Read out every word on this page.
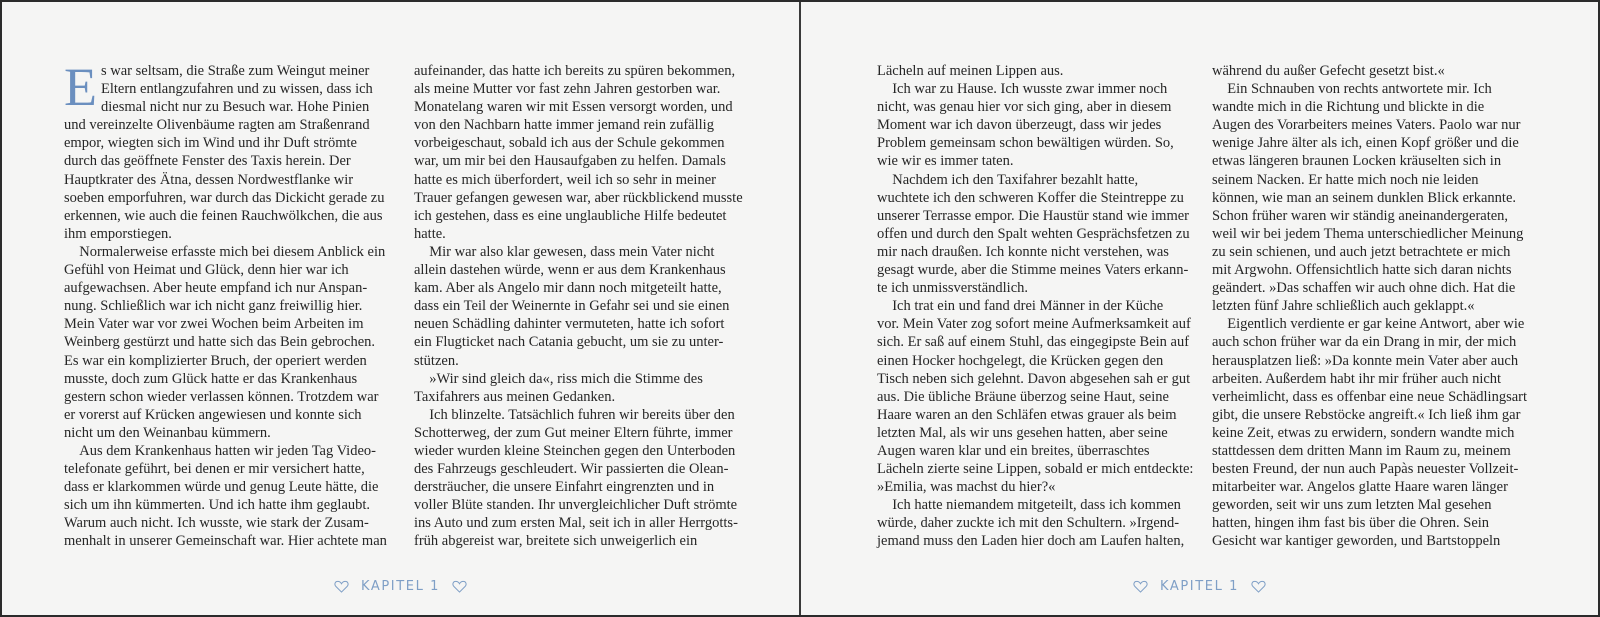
E s war seltsam, die Straße zum Weingut meiner
Eltern entlangzufahren und zu wissen, dass ich
diesmal nicht nur zu Besuch war. Hohe Pinien
und vereinzelte Olivenbäume ragten am Straßenrand
empor, wiegten sich im Wind und ihr Duft strömte
durch das geöffnete Fenster des Taxis herein. Der
Hauptkrater des Ätna, dessen Nordwestflanke wir
soeben emporfuhren, war durch das Dickicht gerade zu
erkennen, wie auch die feinen Rauchwölkchen, die aus
ihm emporstiegen.
Normalerweise erfasste mich bei diesem Anblick ein
Gefühl von Heimat und Glück, denn hier war ich
aufgewachsen. Aber heute empfand ich nur Anspan-
nung. Schließlich war ich nicht ganz freiwillig hier.
Mein Vater war vor zwei Wochen beim Arbeiten im
Weinberg gestürzt und hatte sich das Bein gebrochen.
Es war ein komplizierter Bruch, der operiert werden
musste, doch zum Glück hatte er das Krankenhaus
gestern schon wieder verlassen können. Trotzdem war
er vorerst auf Krücken angewiesen und konnte sich
nicht um den Weinanbau kümmern.
Aus dem Krankenhaus hatten wir jeden Tag Video-
telefonate geführt, bei denen er mir versichert hatte,
dass er klarkommen würde und genug Leute hätte, die
sich um ihn kümmerten. Und ich hatte ihm geglaubt.
Warum auch nicht. Ich wusste, wie stark der Zusam-
menhalt in unserer Gemeinschaft war. Hier achtete man
aufeinander, das hatte ich bereits zu spüren bekommen,
als meine Mutter vor fast zehn Jahren gestorben war.
Monatelang waren wir mit Essen versorgt worden, und
von den Nachbarn hatte immer jemand rein zufällig
vorbeigeschaut, sobald ich aus der Schule gekommen
war, um mir bei den Hausaufgaben zu helfen. Damals
hatte es mich überfordert, weil ich so sehr in meiner
Trauer gefangen gewesen war, aber rückblickend musste
ich gestehen, dass es eine unglaubliche Hilfe bedeutet
hatte.
Mir war also klar gewesen, dass mein Vater nicht
allein dastehen würde, wenn er aus dem Krankenhaus
kam. Aber als Angelo mir dann noch mitgeteilt hatte,
dass ein Teil der Weinernte in Gefahr sei und sie einen
neuen Schädling dahinter vermuteten, hatte ich sofort
ein Flugticket nach Catania gebucht, um sie zu unter-
stützen.
»Wir sind gleich da«, riss mich die Stimme des
Taxifahrers aus meinen Gedanken.
Ich blinzelte. Tatsächlich fuhren wir bereits über den
Schotterweg, der zum Gut meiner Eltern führte, immer
wieder wurden kleine Steinchen gegen den Unterboden
des Fahrzeugs geschleudert. Wir passierten die Olean-
dersträucher, die unsere Einfahrt eingrenzten und in
voller Blüte standen. Ihr unvergleichlicher Duft strömte
ins Auto und zum ersten Mal, seit ich in aller Herrgotts-
früh abgereist war, breitete sich unweigerlich ein
KAPITEL 1
Lächeln auf meinen Lippen aus.
Ich war zu Hause. Ich wusste zwar immer noch
nicht, was genau hier vor sich ging, aber in diesem
Moment war ich davon überzeugt, dass wir jedes
Problem gemeinsam schon bewältigen würden. So,
wie wir es immer taten.
Nachdem ich den Taxifahrer bezahlt hatte,
wuchtete ich den schweren Koffer die Steintreppe zu
unserer Terrasse empor. Die Haustür stand wie immer
offen und durch den Spalt wehten Gesprächsfetzen zu
mir nach draußen. Ich konnte nicht verstehen, was
gesagt wurde, aber die Stimme meines Vaters erkann-
te ich unmissverständlich.
Ich trat ein und fand drei Männer in der Küche
vor. Mein Vater zog sofort meine Aufmerksamkeit auf
sich. Er saß auf einem Stuhl, das eingegipste Bein auf
einen Hocker hochgelegt, die Krücken gegen den
Tisch neben sich gelehnt. Davon abgesehen sah er gut
aus. Die übliche Bräune überzog seine Haut, seine
Haare waren an den Schläfen etwas grauer als beim
letzten Mal, als wir uns gesehen hatten, aber seine
Augen waren klar und ein breites, überraschtes
Lächeln zierte seine Lippen, sobald er mich entdeckte:
»Emilia, was machst du hier?«
Ich hatte niemandem mitgeteilt, dass ich kommen
würde, daher zuckte ich mit den Schultern. »Irgend-
jemand muss den Laden hier doch am Laufen halten,
während du außer Gefecht gesetzt bist.«
Ein Schnauben von rechts antwortete mir. Ich
wandte mich in die Richtung und blickte in die
Augen des Vorarbeiters meines Vaters. Paolo war nur
wenige Jahre älter als ich, einen Kopf größer und die
etwas längeren braunen Locken kräuselten sich in
seinem Nacken. Er hatte mich noch nie leiden
können, wie man an seinem dunklen Blick erkannte.
Schon früher waren wir ständig aneinandergeraten,
weil wir bei jedem Thema unterschiedlicher Meinung
zu sein schienen, und auch jetzt betrachtete er mich
mit Argwohn. Offensichtlich hatte sich daran nichts
geändert. »Das schaffen wir auch ohne dich. Hat die
letzten fünf Jahre schließlich auch geklappt.«
Eigentlich verdiente er gar keine Antwort, aber wie
auch schon früher war da ein Drang in mir, der mich
herausplatzen ließ: »Da konnte mein Vater aber auch
arbeiten. Außerdem habt ihr mir früher auch nicht
verheimlicht, dass es offenbar eine neue Schädlingsart
gibt, die unsere Rebstöcke angreift.« Ich ließ ihm gar
keine Zeit, etwas zu erwidern, sondern wandte mich
stattdessen dem dritten Mann im Raum zu, meinem
besten Freund, der nun auch Papàs neuester Vollzeit-
mitarbeiter war. Angelos glatte Haare waren länger
geworden, seit wir uns zum letzten Mal gesehen
hatten, hingen ihm fast bis über die Ohren. Sein
Gesicht war kantiger geworden, und Bartstoppeln
KAPITEL 1
